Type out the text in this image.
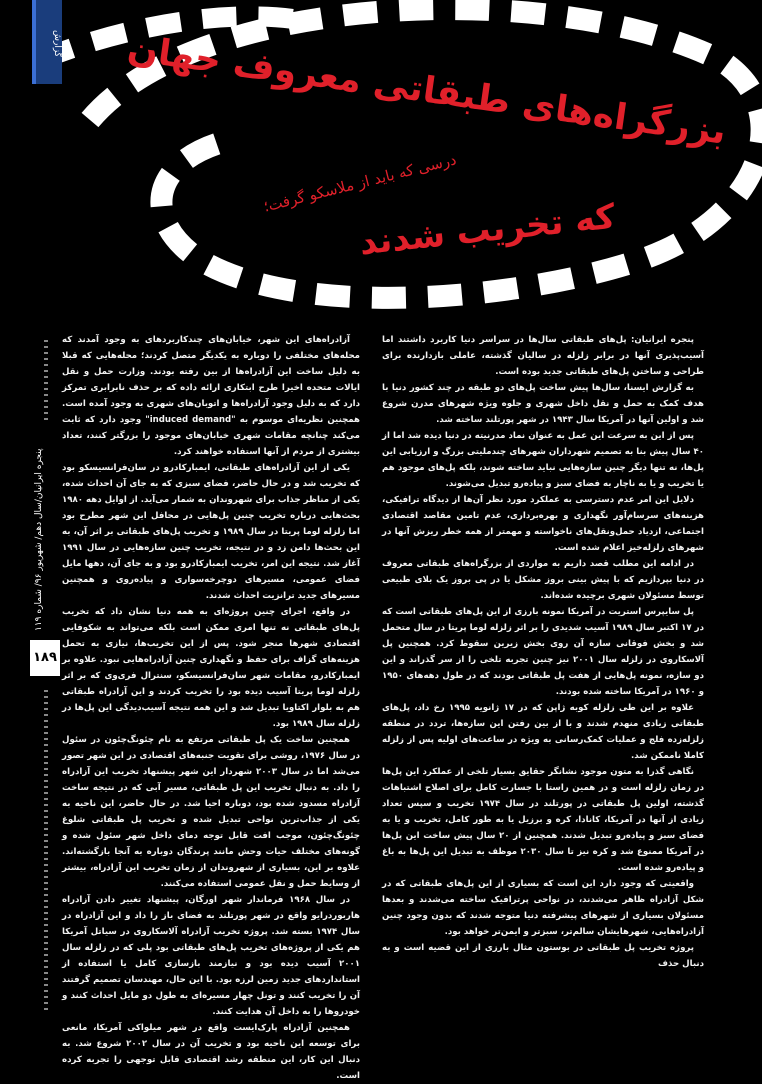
گزارش
درسی که باید از ملاسکو گرفت؛
بزرگراه‌های طبقاتی معروف جهان
که تخریب شدند
پنجره ایرانیان/سال دهم/ شهریور ۹۶/ شماره ۱۱۹
۱۸۹

پنجره ایرانیان: پل‌های طبقاتی سال‌ها در سراسر دنیا کاربرد داشتند اما آسیب‌پذیری آنها در برابر زلزله در سالیان گذشته، عاملی بازدارنده برای طراحی و ساختن پل‌های طبقاتی جدید بوده است.

به گزارش ایسنا، سال‌ها پیش ساخت پل‌های دو طبقه در چند کشور دنیا با هدف کمک به حمل و نقل داخل شهری و جلوه ویژه شهرهای مدرن شروع شد و اولین آنها در آمریکا سال ۱۹۴۳ در شهر پورتلند ساخته شد.

پس از این به سرعت این عمل به عنوان نماد مدرنیته در دنیا دیده شد اما از ۴۰ سال پیش بنا به تصمیم شهرداران شهرهای چندملیتی بزرگ و ارزیابی این پل‌ها، نه تنها دیگر چنین سازه‌هایی نباید ساخته شوند، بلکه پل‌های موجود هم یا تخریب و یا به ناچار به فضای سبز و پیاده‌رو تبدیل می‌شوند.

دلایل این امر عدم دسترسی به عملکرد مورد نظر آن‌ها از دیدگاه ترافیکی، هزینه‌های سرسام‌آور نگهداری و بهره‌برداری، عدم تامین مقاصد اقتصادی اجتماعی، ازدیاد حمل‌ونقل‌های ناخواسته و مهمتر از همه خطر ریزش آنها در شهرهای زلزله‌خیز اعلام شده است.

در ادامه این مطلب قصد داریم به مواردی از بزرگراه‌های طبقاتی معروف در دنیا بپردازیم که با پیش بینی بروز مشکل یا در پی بروز یک بلای طبیعی توسط مسئولان شهری برچیده شده‌اند.

پل سایپرس استریت در آمریکا نمونه بارزی از این پل‌های طبقاتی است که در ۱۷ اکتبر سال ۱۹۸۹ آسیب شدیدی را بر اثر زلزله لوما پریتا در سال متحمل شد و بخش فوقانی سازه آن روی بخش زیرین سقوط کرد. همچنین پل آلاسکاروی در زلزله سال ۲۰۰۱ نیز چنین تجربه تلخی را از سر گذراند و این دو سازه، نمونه پل‌هایی از هفت پل طبقاتی بودند که در طول دهه‌های ۱۹۵۰ و ۱۹۶۰ در آمریکا ساخته شده بودند.

علاوه بر این طی زلزله کوبه ژاپن که در ۱۷ ژانویه ۱۹۹۵ رخ داد، پل‌های طبقاتی زیادی منهدم شدند و با از بین رفتن این سازه‌ها، تردد در منطقه زلزله‌زده فلج و عملیات کمک‌رسانی به ویژه در ساعت‌های اولیه پس از زلزله کاملا ناممکن شد.

نگاهی گذرا به متون موجود نشانگر حقایق بسیار تلخی از عملکرد این پل‌ها در زمان زلزله است و در همین راستا با جسارت کامل برای اصلاح اشتباهات گذشته، اولین پل طبقاتی در پورتلند در سال ۱۹۷۴ تخریب و سپس تعداد زیادی از آنها در آمریکا، کانادا، کره و برزیل یا به طور کامل، تخریب و یا به فضای سبز و پیاده‌رو تبدیل شدند. همچنین از ۲۰ سال پیش ساخت این پل‌ها در آمریکا ممنوع شد و کره نیز تا سال ۲۰۳۰ موظف به تبدیل این پل‌ها به باغ و پیاده‌رو شده است.

واقعیتی که وجود دارد این است که بسیاری از این پل‌های طبقاتی که در شکل آزادراه ظاهر می‌شدند، در نواحی پرترافیک ساخته می‌شدند و بعدها مسئولان بسیاری از شهرهای پیشرفته دنیا متوجه شدند که بدون وجود چنین آزادراه‌هایی، شهرهایشان سالم‌تر، سبزتر و ایمن‌تر خواهد بود.

پروژه تخریب پل طبقاتی در بوستون مثال بارزی از این قضیه است و به دنبال حذف

آزادراه‌های این شهر، خیابان‌های چندکاربردهای به وجود آمدند که محله‌های مختلفی را دوباره به یکدیگر متصل کردند؛ محله‌هایی که قبلا به دلیل ساخت این آزادراه‌ها از بین رفته بودند. وزارت حمل و نقل ایالات متحده اخیرا طرح ابتکاری ارائه داده که بر حذف نابرابری تمرکز دارد که به دلیل وجود آزادراه‌ها و اتوبان‌های شهری به وجود آمده است. همچنین نظریه‌ای موسوم به "induced demand" وجود دارد که ثابت می‌کند چنانچه مقامات شهری خیابان‌های موجود را بزرگتر کنند، تعداد بیشتری از مردم از آنها استفاده خواهند کرد.

یکی از این آزادراه‌های طبقاتی، ایمبارکادرو در سان‌فرانسیسکو بود که تخریب شد و در حال حاضر، فضای سبزی که به جای آن احداث شده، یکی از مناظر جذاب برای شهروندان به شمار می‌آید. از اوایل دهه ۱۹۸۰ بحث‌هایی درباره تخریب چنین پل‌هایی در محافل این شهر مطرح بود اما زلزله لوما پریتا در سال ۱۹۸۹ و تخریب پل‌های طبقاتی بر اثر آن، به این بحث‌ها دامن زد و در نتیجه، تخریب چنین سازه‌هایی در سال ۱۹۹۱ آغاز شد. نتیجه این امر، تخریب ایمبارکادرو بود و به جای آن، دهها مایل فضای عمومی، مسیرهای دوچرخه‌سواری و پیاده‌روی و همچنین مسیرهای جدید ترانزیت احداث شدند.

در واقع، اجرای چنین پروژه‌ای به همه دنیا نشان داد که تخریب پل‌های طبقاتی نه تنها امری ممکن است بلکه می‌تواند به شکوفایی اقتصادی شهرها منجر شود. پس از این تخریب‌ها، نیازی به تحمل هزینه‌های گزاف برای حفظ و نگهداری چنین آزادراه‌هایی نبود. علاوه بر ایمبارکادرو، مقامات شهر سان‌فرانسیسکو، سنترال فری‌وی که بر اثر زلزله لوما پریتا آسیب دیده بود را تخریب کردند و این آزادراه طبقاتی هم به بلوار اکتاویا تبدیل شد و این همه نتیجه آسیب‌دیدگی این پل‌ها در زلزله سال ۱۹۸۹ بود.

همچنین ساخت یک پل طبقاتی مرتفع به نام چئونگ‌چئون در سئول در سال ۱۹۷۶، روشی برای تقویت جنبه‌های اقتصادی در این شهر تصور می‌شد اما در سال ۲۰۰۳ شهردار این شهر پیشنهاد تخریب این آزادراه را داد. به دنبال تخریب این پل طبقاتی، مسیر آبی که در نتیجه ساخت آزادراه مسدود شده بود، دوباره احیا شد. در حال حاضر، این ناحیه به یکی از جذاب‌ترین نواحی تبدیل شده و تخریب پل طبقاتی شلوغ چئونگ‌چئون، موجب افت قابل توجه دمای داخل شهر سئول شده و گونه‌های مختلف حیات وحش مانند پرندگان دوباره به آنجا بازگشته‌اند. علاوه بر این، بسیاری از شهروندان از زمان تخریب این آزادراه، بیشتر از وسایط حمل و نقل عمومی استفاده می‌کنند.

در سال ۱۹۶۸ فرماندار شهر اورگان، پیشنهاد تغییر دادن آزادراه هاربوردرایو واقع در شهر پورتلند به فضای باز را داد و این آزادراه در سال ۱۹۷۴ بسته شد. پروژه تخریب آزادراه آلاسکاروی در سیاتل آمریکا هم یکی از پروژه‌های تخریب پل‌های طبقاتی بود پلی که در زلزله سال ۲۰۰۱ آسیب دیده بود و نیازمند بازسازی کامل یا استفاده از استانداردهای جدید زمین لرزه بود. با این حال، مهندسان تصمیم گرفتند آن را تخریب کنند و تونل چهار مسیره‌ای به طول دو مایل احداث کنند و خودروها را به داخل آن هدایت کنند.

همچنین آزادراه پارک‌ایست واقع در شهر میلواکی آمریکا، مانعی برای توسعه این ناحیه بود و تخریب آن در سال ۲۰۰۲ شروع شد. به دنبال این کار، این منطقه رشد اقتصادی قابل توجهی را تجربه کرده است.
